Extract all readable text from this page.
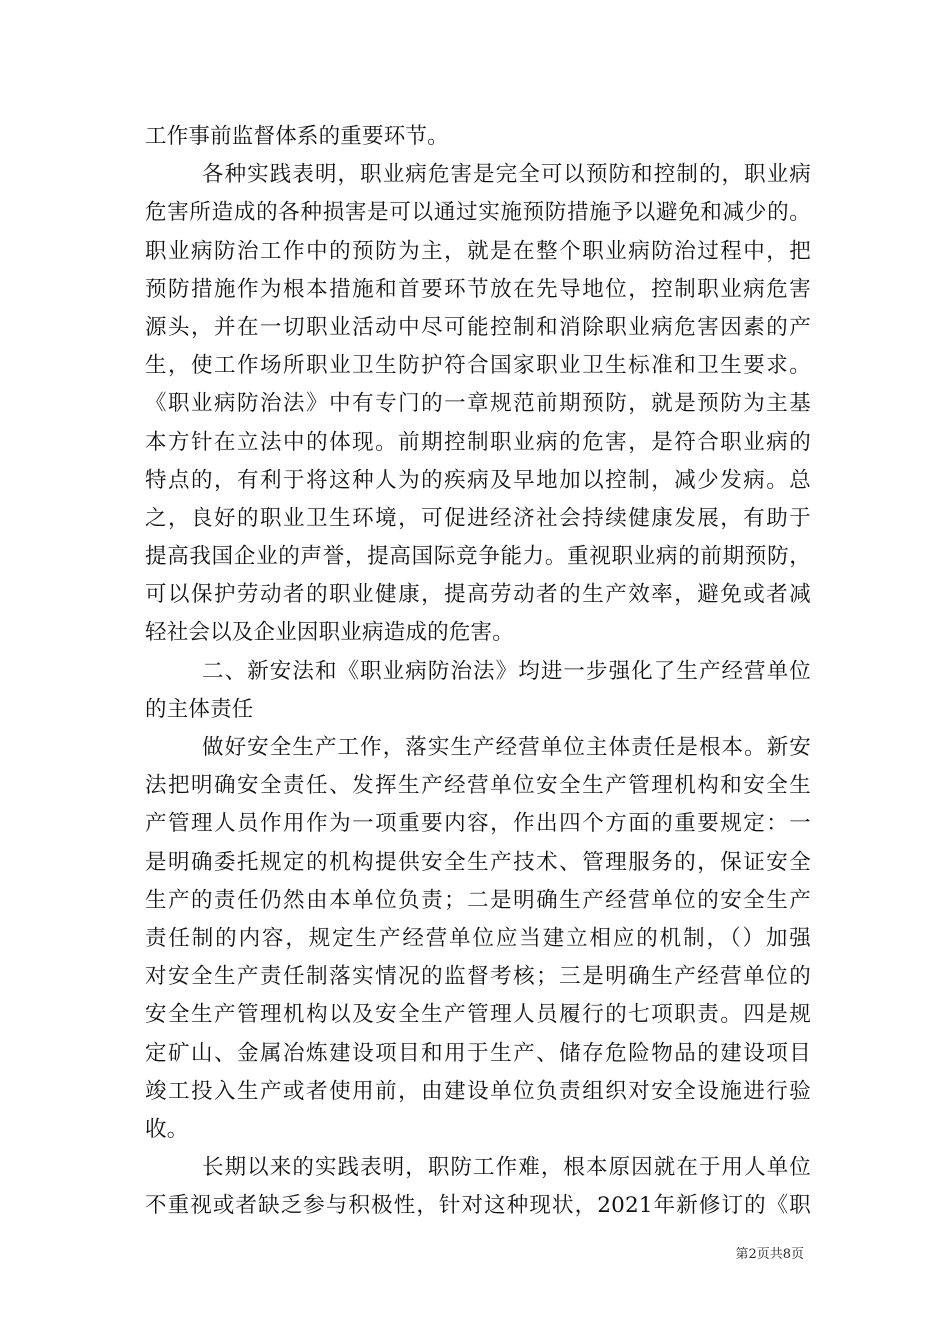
工作事前监督体系的重要环节。
各种实践表明，职业病危害是完全可以预防和控制的，职业病
危害所造成的各种损害是可以通过实施预防措施予以避免和减少的。
职业病防治工作中的预防为主，就是在整个职业病防治过程中，把
预防措施作为根本措施和首要环节放在先导地位，控制职业病危害
源头，并在一切职业活动中尽可能控制和消除职业病危害因素的产
生，使工作场所职业卫生防护符合国家职业卫生标准和卫生要求。
《职业病防治法》中有专门的一章规范前期预防，就是预防为主基
本方针在立法中的体现。前期控制职业病的危害，是符合职业病的
特点的，有利于将这种人为的疾病及早地加以控制，减少发病。总
之，良好的职业卫生环境，可促进经济社会持续健康发展，有助于
提高我国企业的声誉，提高国际竞争能力。重视职业病的前期预防，
可以保护劳动者的职业健康，提高劳动者的生产效率，避免或者减
轻社会以及企业因职业病造成的危害。
二、新安法和《职业病防治法》均进一步强化了生产经营单位
的主体责任
做好安全生产工作，落实生产经营单位主体责任是根本。新安
法把明确安全责任、发挥生产经营单位安全生产管理机构和安全生
产管理人员作用作为一项重要内容，作出四个方面的重要规定：一
是明确委托规定的机构提供安全生产技术、管理服务的，保证安全
生产的责任仍然由本单位负责；二是明确生产经营单位的安全生产
责任制的内容，规定生产经营单位应当建立相应的机制，（）加强
对安全生产责任制落实情况的监督考核；三是明确生产经营单位的
安全生产管理机构以及安全生产管理人员履行的七项职责。四是规
定矿山、金属冶炼建设项目和用于生产、储存危险物品的建设项目
竣工投入生产或者使用前，由建设单位负责组织对安全设施进行验
收。
长期以来的实践表明，职防工作难，根本原因就在于用人单位
不重视或者缺乏参与积极性，针对这种现状，2021年新修订的《职
第2页共8页
